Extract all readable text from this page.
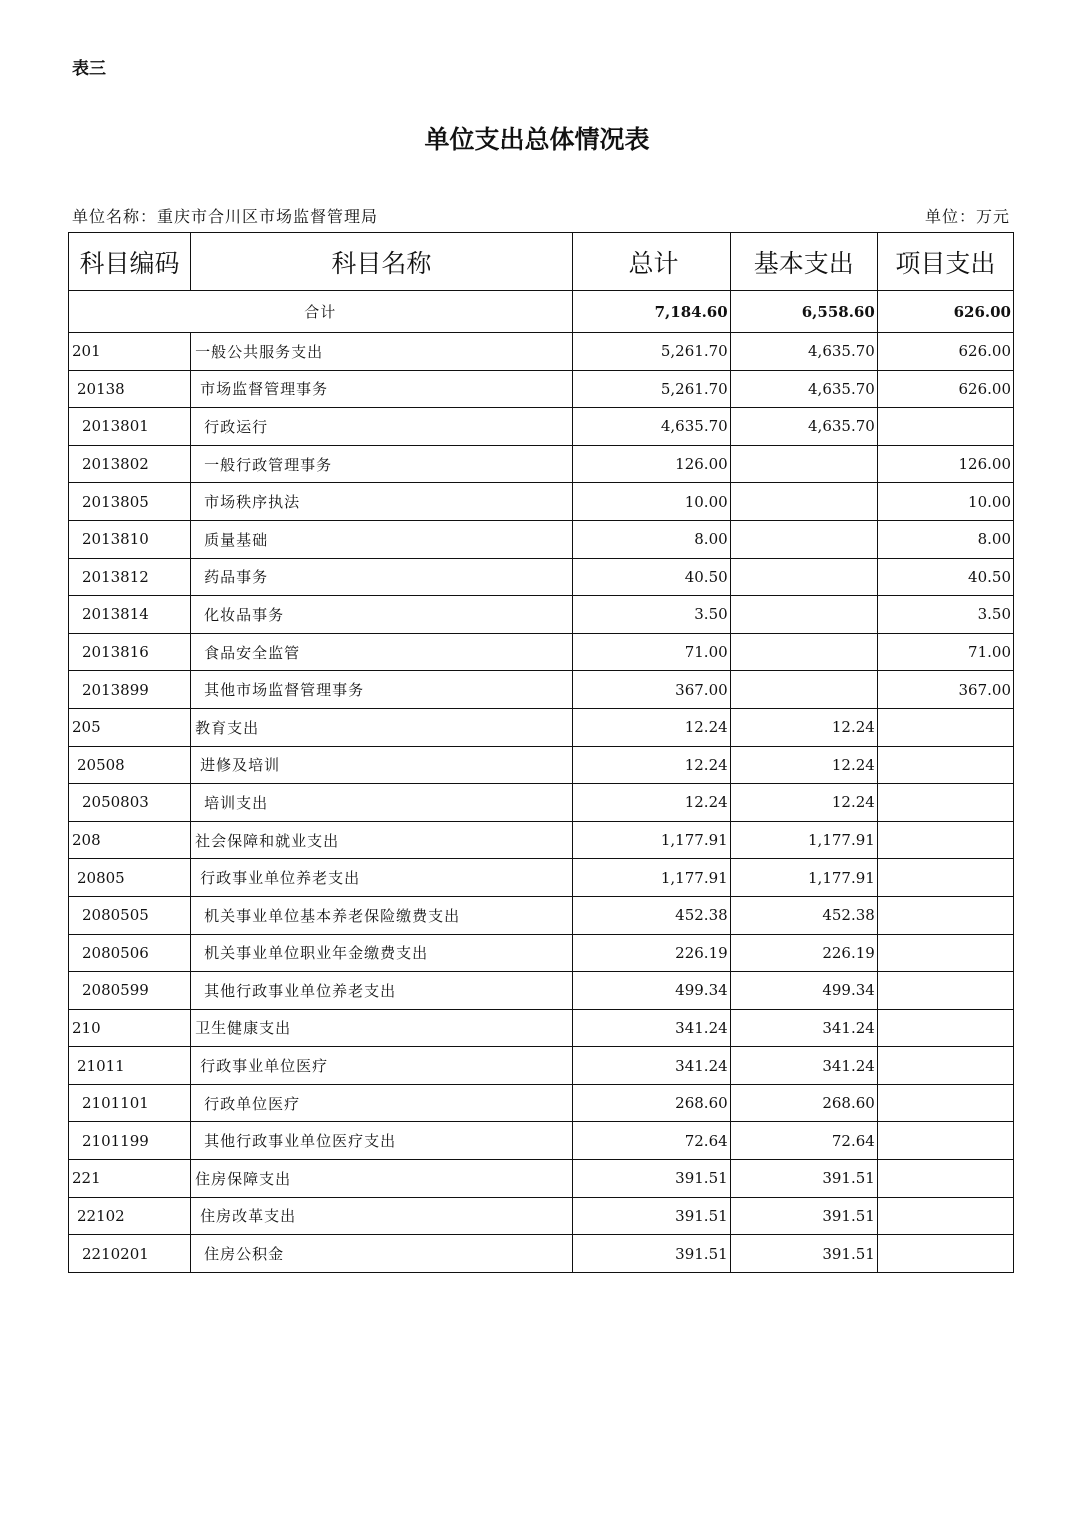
表三
单位支出总体情况表
单位名称：重庆市合川区市场监督管理局	单位：万元
科目编码	科目名称	总计	基本支出	项目支出
合计		7,184.60	6,558.60	626.00
201	一般公共服务支出	5,261.70	4,635.70	626.00
20138	市场监督管理事务	5,261.70	4,635.70	626.00
2013801	行政运行	4,635.70	4,635.70	
2013802	一般行政管理事务	126.00		126.00
2013805	市场秩序执法	10.00		10.00
2013810	质量基础	8.00		8.00
2013812	药品事务	40.50		40.50
2013814	化妆品事务	3.50		3.50
2013816	食品安全监管	71.00		71.00
2013899	其他市场监督管理事务	367.00		367.00
205	教育支出	12.24	12.24	
20508	进修及培训	12.24	12.24	
2050803	培训支出	12.24	12.24	
208	社会保障和就业支出	1,177.91	1,177.91	
20805	行政事业单位养老支出	1,177.91	1,177.91	
2080505	机关事业单位基本养老保险缴费支出	452.38	452.38	
2080506	机关事业单位职业年金缴费支出	226.19	226.19	
2080599	其他行政事业单位养老支出	499.34	499.34	
210	卫生健康支出	341.24	341.24	
21011	行政事业单位医疗	341.24	341.24	
2101101	行政单位医疗	268.60	268.60	
2101199	其他行政事业单位医疗支出	72.64	72.64	
221	住房保障支出	391.51	391.51	
22102	住房改革支出	391.51	391.51	
2210201	住房公积金	391.51	391.51	
